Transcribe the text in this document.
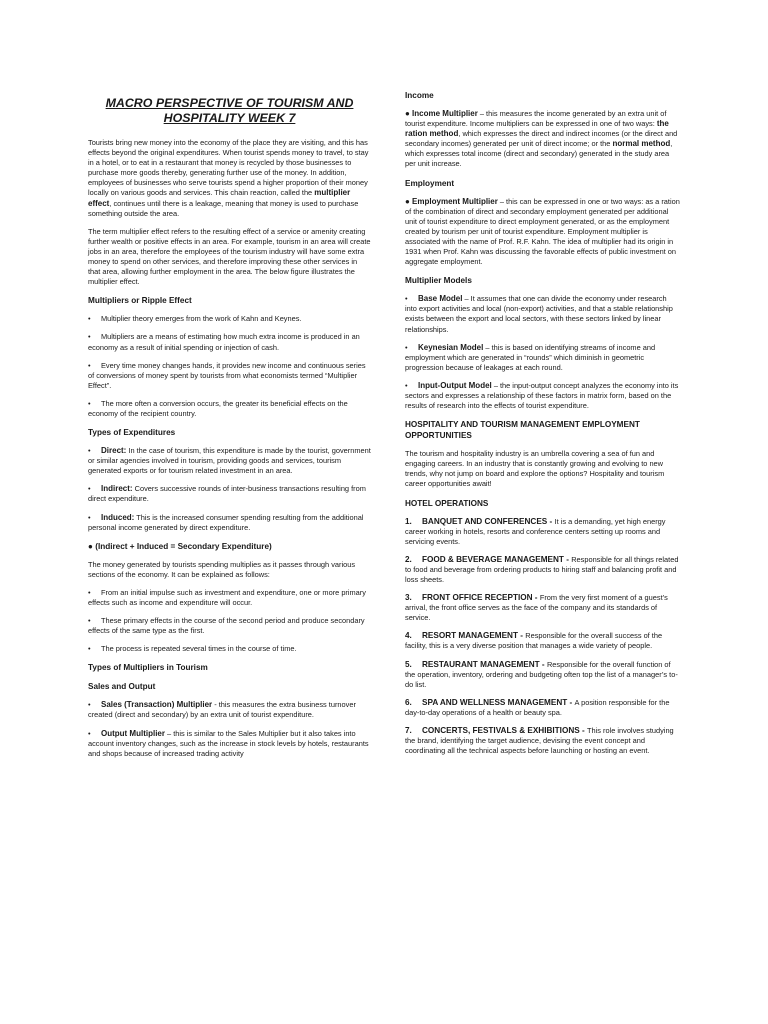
MACRO PERSPECTIVE OF TOURISM AND HOSPITALITY WEEK 7

Tourists bring new money into the economy of the place they are visiting, and this has effects beyond the original expenditures. When tourist spends money to travel, to stay in a hotel, or to eat in a restaurant that money is recycled by those businesses to purchase more goods thereby, generating further use of the money. In addition, employees of businesses who serve tourists spend a higher proportion of their money locally on various goods and services. This chain reaction, called the multiplier effect, continues until there is a leakage, meaning that money is used to purchase something outside the area.

The term multiplier effect refers to the resulting effect of a service or amenity creating further wealth or positive effects in an area. For example, tourism in an area will create jobs in an area, therefore the employees of the tourism industry will have some extra money to spend on other services, and therefore improving these other services in that area, allowing further employment in the area. The below figure illustrates the multiplier effect.

Multipliers or Ripple Effect

• Multiplier theory emerges from the work of Kahn and Keynes.

• Multipliers are a means of estimating how much extra income is produced in an economy as a result of initial spending or injection of cash.

• Every time money changes hands, it provides new income and continuous series of conversions of money spent by tourists from what economists termed “Multiplier Effect”.

• The more often a conversion occurs, the greater its beneficial effects on the economy of the recipient country.

Types of Expenditures

• Direct: In the case of tourism, this expenditure is made by the tourist, government or similar agencies involved in tourism, providing goods and services, tourism generated exports or for tourism related investment in an area.

• Indirect: Covers successive rounds of inter-business transactions resulting from direct expenditure.

• Induced: This is the increased consumer spending resulting from the additional personal income generated by direct expenditure.

● (Indirect + Induced = Secondary Expenditure)

The money generated by tourists spending multiplies as it passes through various sections of the economy. It can be explained as follows:

• From an initial impulse such as investment and expenditure, one or more primary effects such as income and expenditure will occur.

• These primary effects in the course of the second period and produce secondary effects of the same type as the first.

• The process is repeated several times in the course of time.

Types of Multipliers in Tourism
Sales and Output

• Sales (Transaction) Multiplier - this measures the extra business turnover created (direct and secondary) by an extra unit of tourist expenditure.

• Output Multiplier – this is similar to the Sales Multiplier but it also takes into account inventory changes, such as the increase in stock levels by hotels, restaurants and shops because of increased trading activity

Income

● Income Multiplier – this measures the income generated by an extra unit of tourist expenditure. Income multipliers can be expressed in one of two ways: the ration method, which expresses the direct and indirect incomes (or the direct and secondary incomes) generated per unit of direct income; or the normal method, which expresses total income (direct and secondary) generated in the study area per unit increase.

Employment

● Employment Multiplier – this can be expressed in one or two ways: as a ration of the combination of direct and secondary employment generated per additional unit of tourist expenditure to direct employment generated, or as the employment created by tourism per unit of tourist expenditure. Employment multiplier is associated with the name of Prof. R.F. Kahn. The idea of multiplier had its origin in 1931 when Prof. Kahn was discussing the favorable effects of public investment on aggregate employment.

Multiplier Models

• Base Model – It assumes that one can divide the economy under research into export activities and local (non-export) activities, and that a stable relationship exists between the export and local sectors, with these sectors linked by linear relationships.

• Keynesian Model – this is based on identifying streams of income and employment which are generated in “rounds” which diminish in geometric progression because of leakages at each round.

• Input-Output Model – the input-output concept analyzes the economy into its sectors and expresses a relationship of these factors in matrix form, based on the results of research into the effects of tourist expenditure.

HOSPITALITY AND TOURISM MANAGEMENT EMPLOYMENT OPPORTUNITIES

The tourism and hospitality industry is an umbrella covering a sea of fun and engaging careers. In an industry that is constantly growing and evolving to new trends, why not jump on board and explore the options? Hospitality and tourism career opportunities await!

HOTEL OPERATIONS

1. BANQUET AND CONFERENCES - It is a demanding, yet high energy career working in hotels, resorts and conference centers setting up rooms and servicing events.

2. FOOD & BEVERAGE MANAGEMENT - Responsible for all things related to food and beverage from ordering products to hiring staff and balancing profit and loss sheets.

3. FRONT OFFICE RECEPTION - From the very first moment of a guest’s arrival, the front office serves as the face of the company and its standards of service.

4. RESORT MANAGEMENT - Responsible for the overall success of the facility, this is a very diverse position that manages a wide variety of people.

5. RESTAURANT MANAGEMENT - Responsible for the overall function of the operation, inventory, ordering and budgeting often top the list of a manager’s to-do list.

6. SPA AND WELLNESS MANAGEMENT - A position responsible for the day-to-day operations of a health or beauty spa.

7. CONCERTS, FESTIVALS & EXHIBITIONS - This role involves studying the brand, identifying the target audience, devising the event concept and coordinating all the technical aspects before launching or hosting an event.
